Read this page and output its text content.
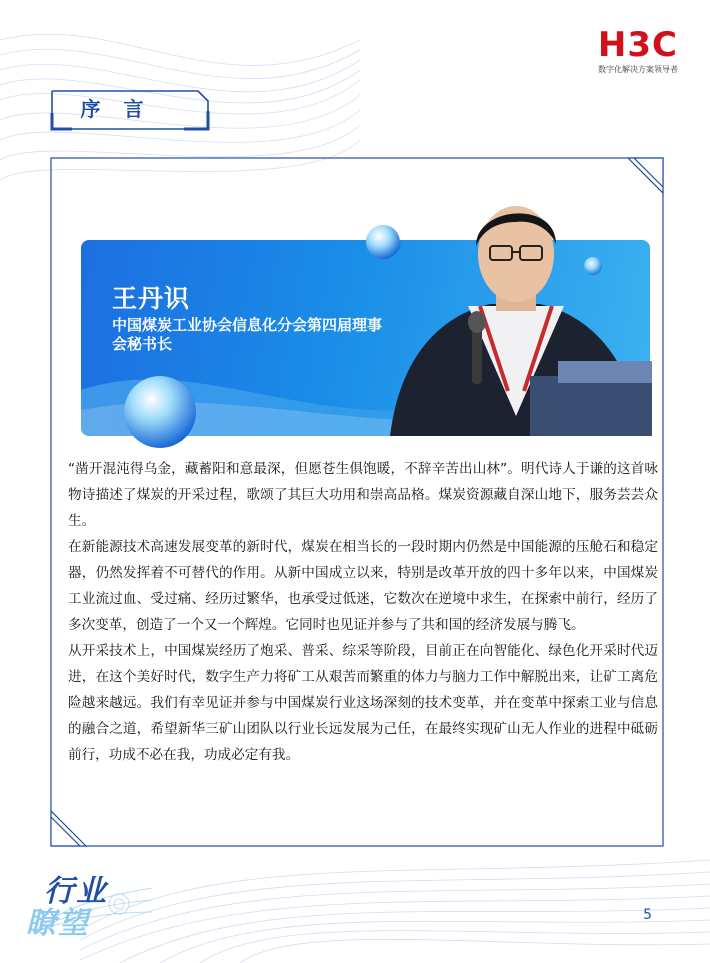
H3C
数字化解决方案领导者
序 言
王丹识
中国煤炭工业协会信息化分会第四届理事会秘书长

“凿开混沌得乌金，藏蓄阳和意最深，但愿苍生俱饱暖，不辞辛苦出山林”。明代诗人于谦的这首咏物诗描述了煤炭的开采过程，歌颂了其巨大功用和崇高品格。煤炭资源藏自深山地下，服务芸芸众生。

在新能源技术高速发展变革的新时代，煤炭在相当长的一段时期内仍然是中国能源的压舱石和稳定器，仍然发挥着不可替代的作用。从新中国成立以来，特别是改革开放的四十多年以来，中国煤炭工业流过血、受过痛、经历过繁华，也承受过低迷，它数次在逆境中求生，在探索中前行，经历了多次变革，创造了一个又一个辉煌。它同时也见证并参与了共和国的经济发展与腾飞。

从开采技术上，中国煤炭经历了炮采、普采、综采等阶段，目前正在向智能化、绿色化开采时代迈进，在这个美好时代，数字生产力将矿工从艰苦而繁重的体力与脑力工作中解脱出来，让矿工离危险越来越远。我们有幸见证并参与中国煤炭行业这场深刻的技术变革，并在变革中探索工业与信息的融合之道，希望新华三矿山团队以行业长远发展为己任，在最终实现矿山无人作业的进程中砥砺前行，功成不必在我，功成必定有我。

行业
瞭望	5
